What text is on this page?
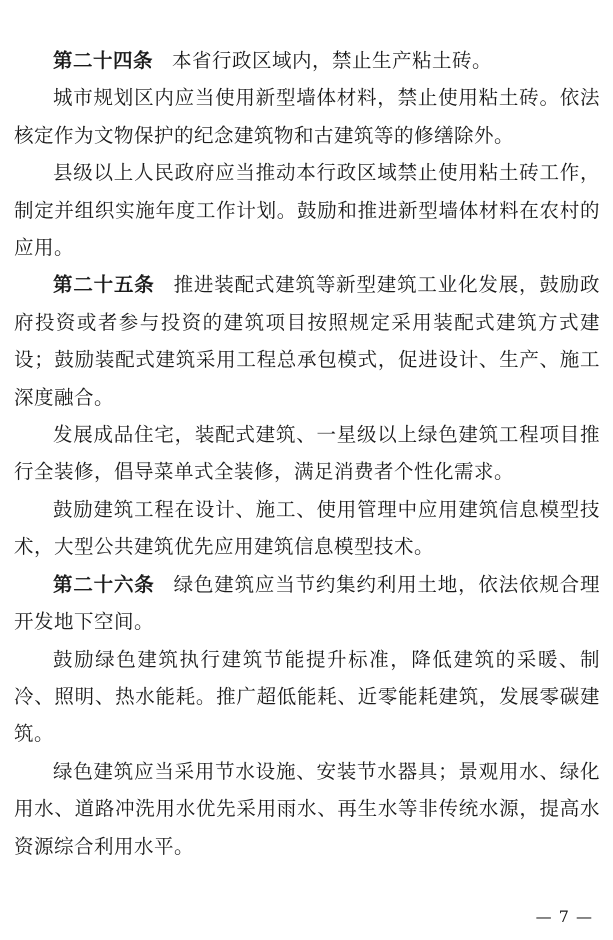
第二十四条 本省行政区域内，禁止生产粘土砖。

城市规划区内应当使用新型墙体材料，禁止使用粘土砖。依法核定作为文物保护的纪念建筑物和古建筑等的修缮除外。

县级以上人民政府应当推动本行政区域禁止使用粘土砖工作，制定并组织实施年度工作计划。鼓励和推进新型墙体材料在农村的应用。

第二十五条 推进装配式建筑等新型建筑工业化发展，鼓励政府投资或者参与投资的建筑项目按照规定采用装配式建筑方式建设；鼓励装配式建筑采用工程总承包模式，促进设计、生产、施工深度融合。

发展成品住宅，装配式建筑、一星级以上绿色建筑工程项目推行全装修，倡导菜单式全装修，满足消费者个性化需求。

鼓励建筑工程在设计、施工、使用管理中应用建筑信息模型技术，大型公共建筑优先应用建筑信息模型技术。

第二十六条 绿色建筑应当节约集约利用土地，依法依规合理开发地下空间。

鼓励绿色建筑执行建筑节能提升标准，降低建筑的采暖、制冷、照明、热水能耗。推广超低能耗、近零能耗建筑，发展零碳建筑。

绿色建筑应当采用节水设施、安装节水器具；景观用水、绿化用水、道路冲洗用水优先采用雨水、再生水等非传统水源，提高水资源综合利用水平。

— 7 —
